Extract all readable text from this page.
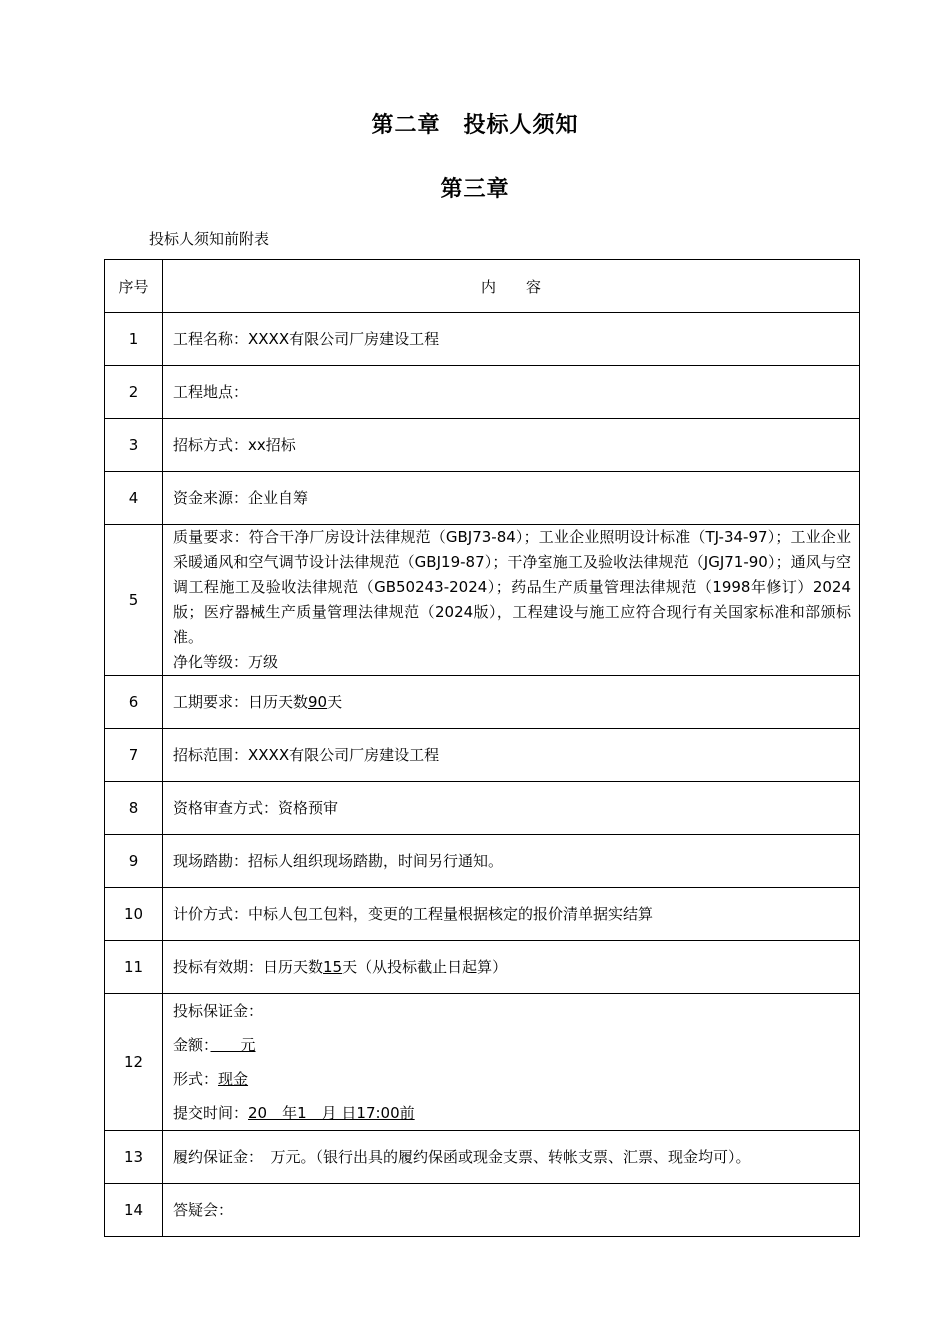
第二章　投标人须知
第三章
投标人须知前附表
序号	内　　容
1	工程名称：XXXX有限公司厂房建设工程
2	工程地点：
3	招标方式：xx招标
4	资金来源：企业自筹
5	质量要求：符合干净厂房设计法律规范（GBJ73-84）；工业企业照明设计标准（TJ-34-97）；工业企业采暖通风和空气调节设计法律规范（GBJ19-87）；干净室施工及验收法律规范（JGJ71-90）；通风与空调工程施工及验收法律规范（GB50243-2024）；药品生产质量管理法律规范（1998年修订）2024版；医疗器械生产质量管理法律规范（2024版），工程建设与施工应符合现行有关国家标准和部颁标准。
净化等级：万级
6	工期要求：日历天数90天
7	招标范围：XXXX有限公司厂房建设工程
8	资格审查方式：资格预审
9	现场踏勘：招标人组织现场踏勘，时间另行通知。
10	计价方式：中标人包工包料，变更的工程量根据核定的报价清单据实结算
11	投标有效期：日历天数15天（从投标截止日起算）
12	投标保证金：
金额：　　元
形式：现金
提交时间：20　年1　月 日17:00前

13	履约保证金：　万元。（银行出具的履约保函或现金支票、转帐支票、汇票、现金均可）。
14	答疑会：
